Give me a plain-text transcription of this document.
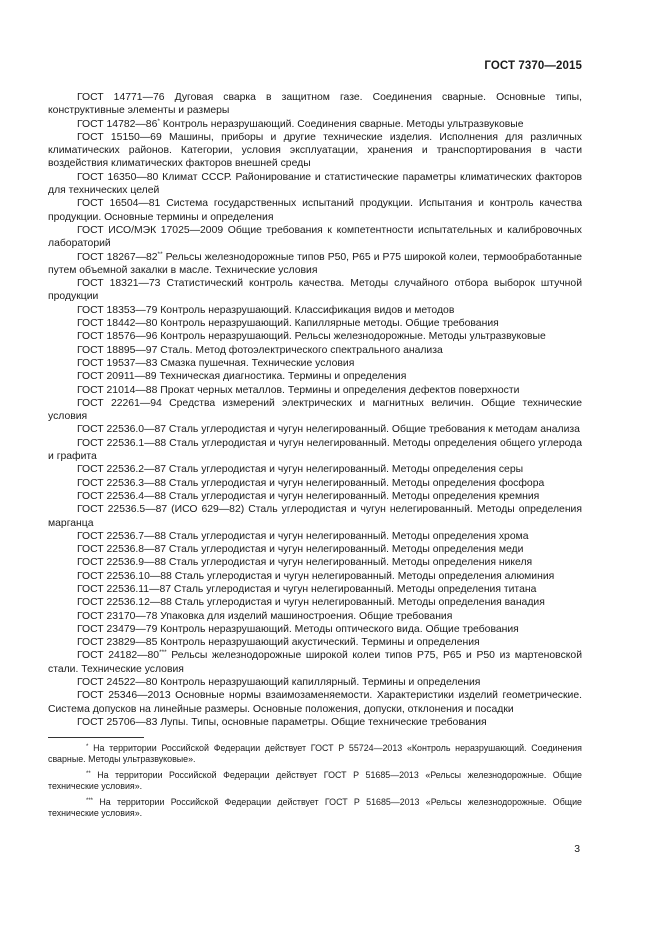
ГОСТ 7370—2015

ГОСТ 14771—76 Дуговая сварка в защитном газе. Соединения сварные. Основные типы, конструктивные элементы и размеры

ГОСТ 14782—86* Контроль неразрушающий. Соединения сварные. Методы ультразвуковые

ГОСТ 15150—69 Машины, приборы и другие технические изделия. Исполнения для различных климатических районов. Категории, условия эксплуатации, хранения и транспортирования в части воздействия климатических факторов внешней среды

ГОСТ 16350—80 Климат СССР. Районирование и статистические параметры климатических факторов для технических целей

ГОСТ 16504—81 Система государственных испытаний продукции. Испытания и контроль качества продукции. Основные термины и определения

ГОСТ ИСО/МЭК 17025—2009 Общие требования к компетентности испытательных и калибровочных лабораторий

ГОСТ 18267—82** Рельсы железнодорожные типов Р50, Р65 и Р75 широкой колеи, термообработанные путем объемной закалки в масле. Технические условия

ГОСТ 18321—73 Статистический контроль качества. Методы случайного отбора выборок штучной продукции

ГОСТ 18353—79 Контроль неразрушающий. Классификация видов и методов

ГОСТ 18442—80 Контроль неразрушающий. Капиллярные методы. Общие требования

ГОСТ 18576—96 Контроль неразрушающий. Рельсы железнодорожные. Методы ультразвуковые

ГОСТ 18895—97 Сталь. Метод фотоэлектрического спектрального анализа

ГОСТ 19537—83 Смазка пушечная. Технические условия

ГОСТ 20911—89 Техническая диагностика. Термины и определения

ГОСТ 21014—88 Прокат черных металлов. Термины и определения дефектов поверхности

ГОСТ 22261—94 Средства измерений электрических и магнитных величин. Общие технические условия

ГОСТ 22536.0—87 Сталь углеродистая и чугун нелегированный. Общие требования к методам анализа

ГОСТ 22536.1—88 Сталь углеродистая и чугун нелегированный. Методы определения общего углерода и графита

ГОСТ 22536.2—87 Сталь углеродистая и чугун нелегированный. Методы определения серы

ГОСТ 22536.3—88 Сталь углеродистая и чугун нелегированный. Методы определения фосфора

ГОСТ 22536.4—88 Сталь углеродистая и чугун нелегированный. Методы определения кремния

ГОСТ 22536.5—87 (ИСО 629—82) Сталь углеродистая и чугун нелегированный. Методы определения марганца

ГОСТ 22536.7—88 Сталь углеродистая и чугун нелегированный. Методы определения хрома

ГОСТ 22536.8—87 Сталь углеродистая и чугун нелегированный. Методы определения меди

ГОСТ 22536.9—88 Сталь углеродистая и чугун нелегированный. Методы определения никеля

ГОСТ 22536.10—88 Сталь углеродистая и чугун нелегированный. Методы определения алюминия

ГОСТ 22536.11—87 Сталь углеродистая и чугун нелегированный. Методы определения титана

ГОСТ 22536.12—88 Сталь углеродистая и чугун нелегированный. Методы определения ванадия

ГОСТ 23170—78 Упаковка для изделий машиностроения. Общие требования

ГОСТ 23479—79 Контроль неразрушающий. Методы оптического вида. Общие требования

ГОСТ 23829—85 Контроль неразрушающий акустический. Термины и определения

ГОСТ 24182—80*** Рельсы железнодорожные широкой колеи типов Р75, Р65 и Р50 из мартеновской стали. Технические условия

ГОСТ 24522—80 Контроль неразрушающий капиллярный. Термины и определения

ГОСТ 25346—2013 Основные нормы взаимозаменяемости. Характеристики изделий геометрические. Система допусков на линейные размеры. Основные положения, допуски, отклонения и посадки

ГОСТ 25706—83 Лупы. Типы, основные параметры. Общие технические требования

* На территории Российской Федерации действует ГОСТ Р 55724—2013 «Контроль неразрушающий. Соединения сварные. Методы ультразвуковые».

** На территории Российской Федерации действует ГОСТ Р 51685—2013 «Рельсы железнодорожные. Общие технические условия».

*** На территории Российской Федерации действует ГОСТ Р 51685—2013 «Рельсы железнодорожные. Общие технические условия».

3
